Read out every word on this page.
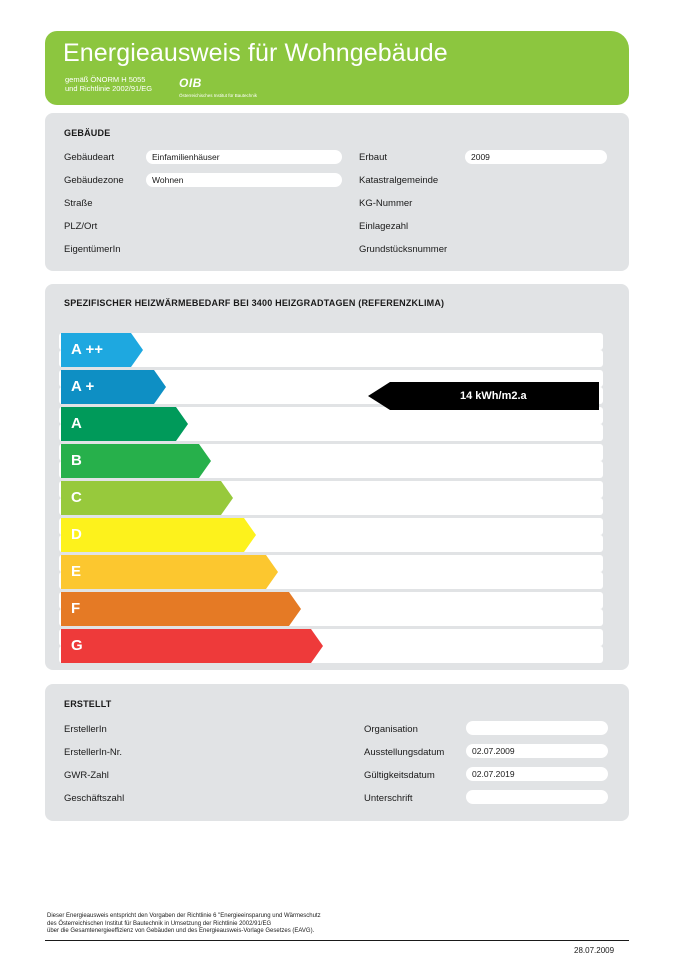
Energieausweis für Wohngebäude
gemäß ÖNORM H 5055
und Richtlinie 2002/91/EG OIB
Österreichisches Institut für Bautechnik
GEBÄUDE
Gebäudeart	Einfamilienhäuser	Erbaut	2009
Gebäudezone	Wohnen	Katastralgemeinde
Straße	KG-Nummer
PLZ/Ort	Einlagezahl
EigentümerIn	Grundstücksnummer
SPEZIFISCHER HEIZWÄRMEBEDARF BEI 3400 HEIZGRADTAGEN (REFERENZKLIMA)
A ++
A +
A
B
C
D
E
F
G
14 kWh/m2.a
ERSTELLT
ErstellerIn	Organisation
ErstellerIn-Nr.	Ausstellungsdatum	02.07.2009
GWR-Zahl	Gültigkeitsdatum	02.07.2019
Geschäftszahl	Unterschrift
Dieser Energieausweis entspricht den Vorgaben der Richtlinie 6 "Energieeinsparung und Wärmeschutz
des Österreichischen Institut für Bautechnik in Umsetzung der Richtlinie 2002/91/EG
über die Gesamtenergieeffizienz von Gebäuden und des Energieausweis-Vorlage Gesetzes (EAVG).
28.07.2009
